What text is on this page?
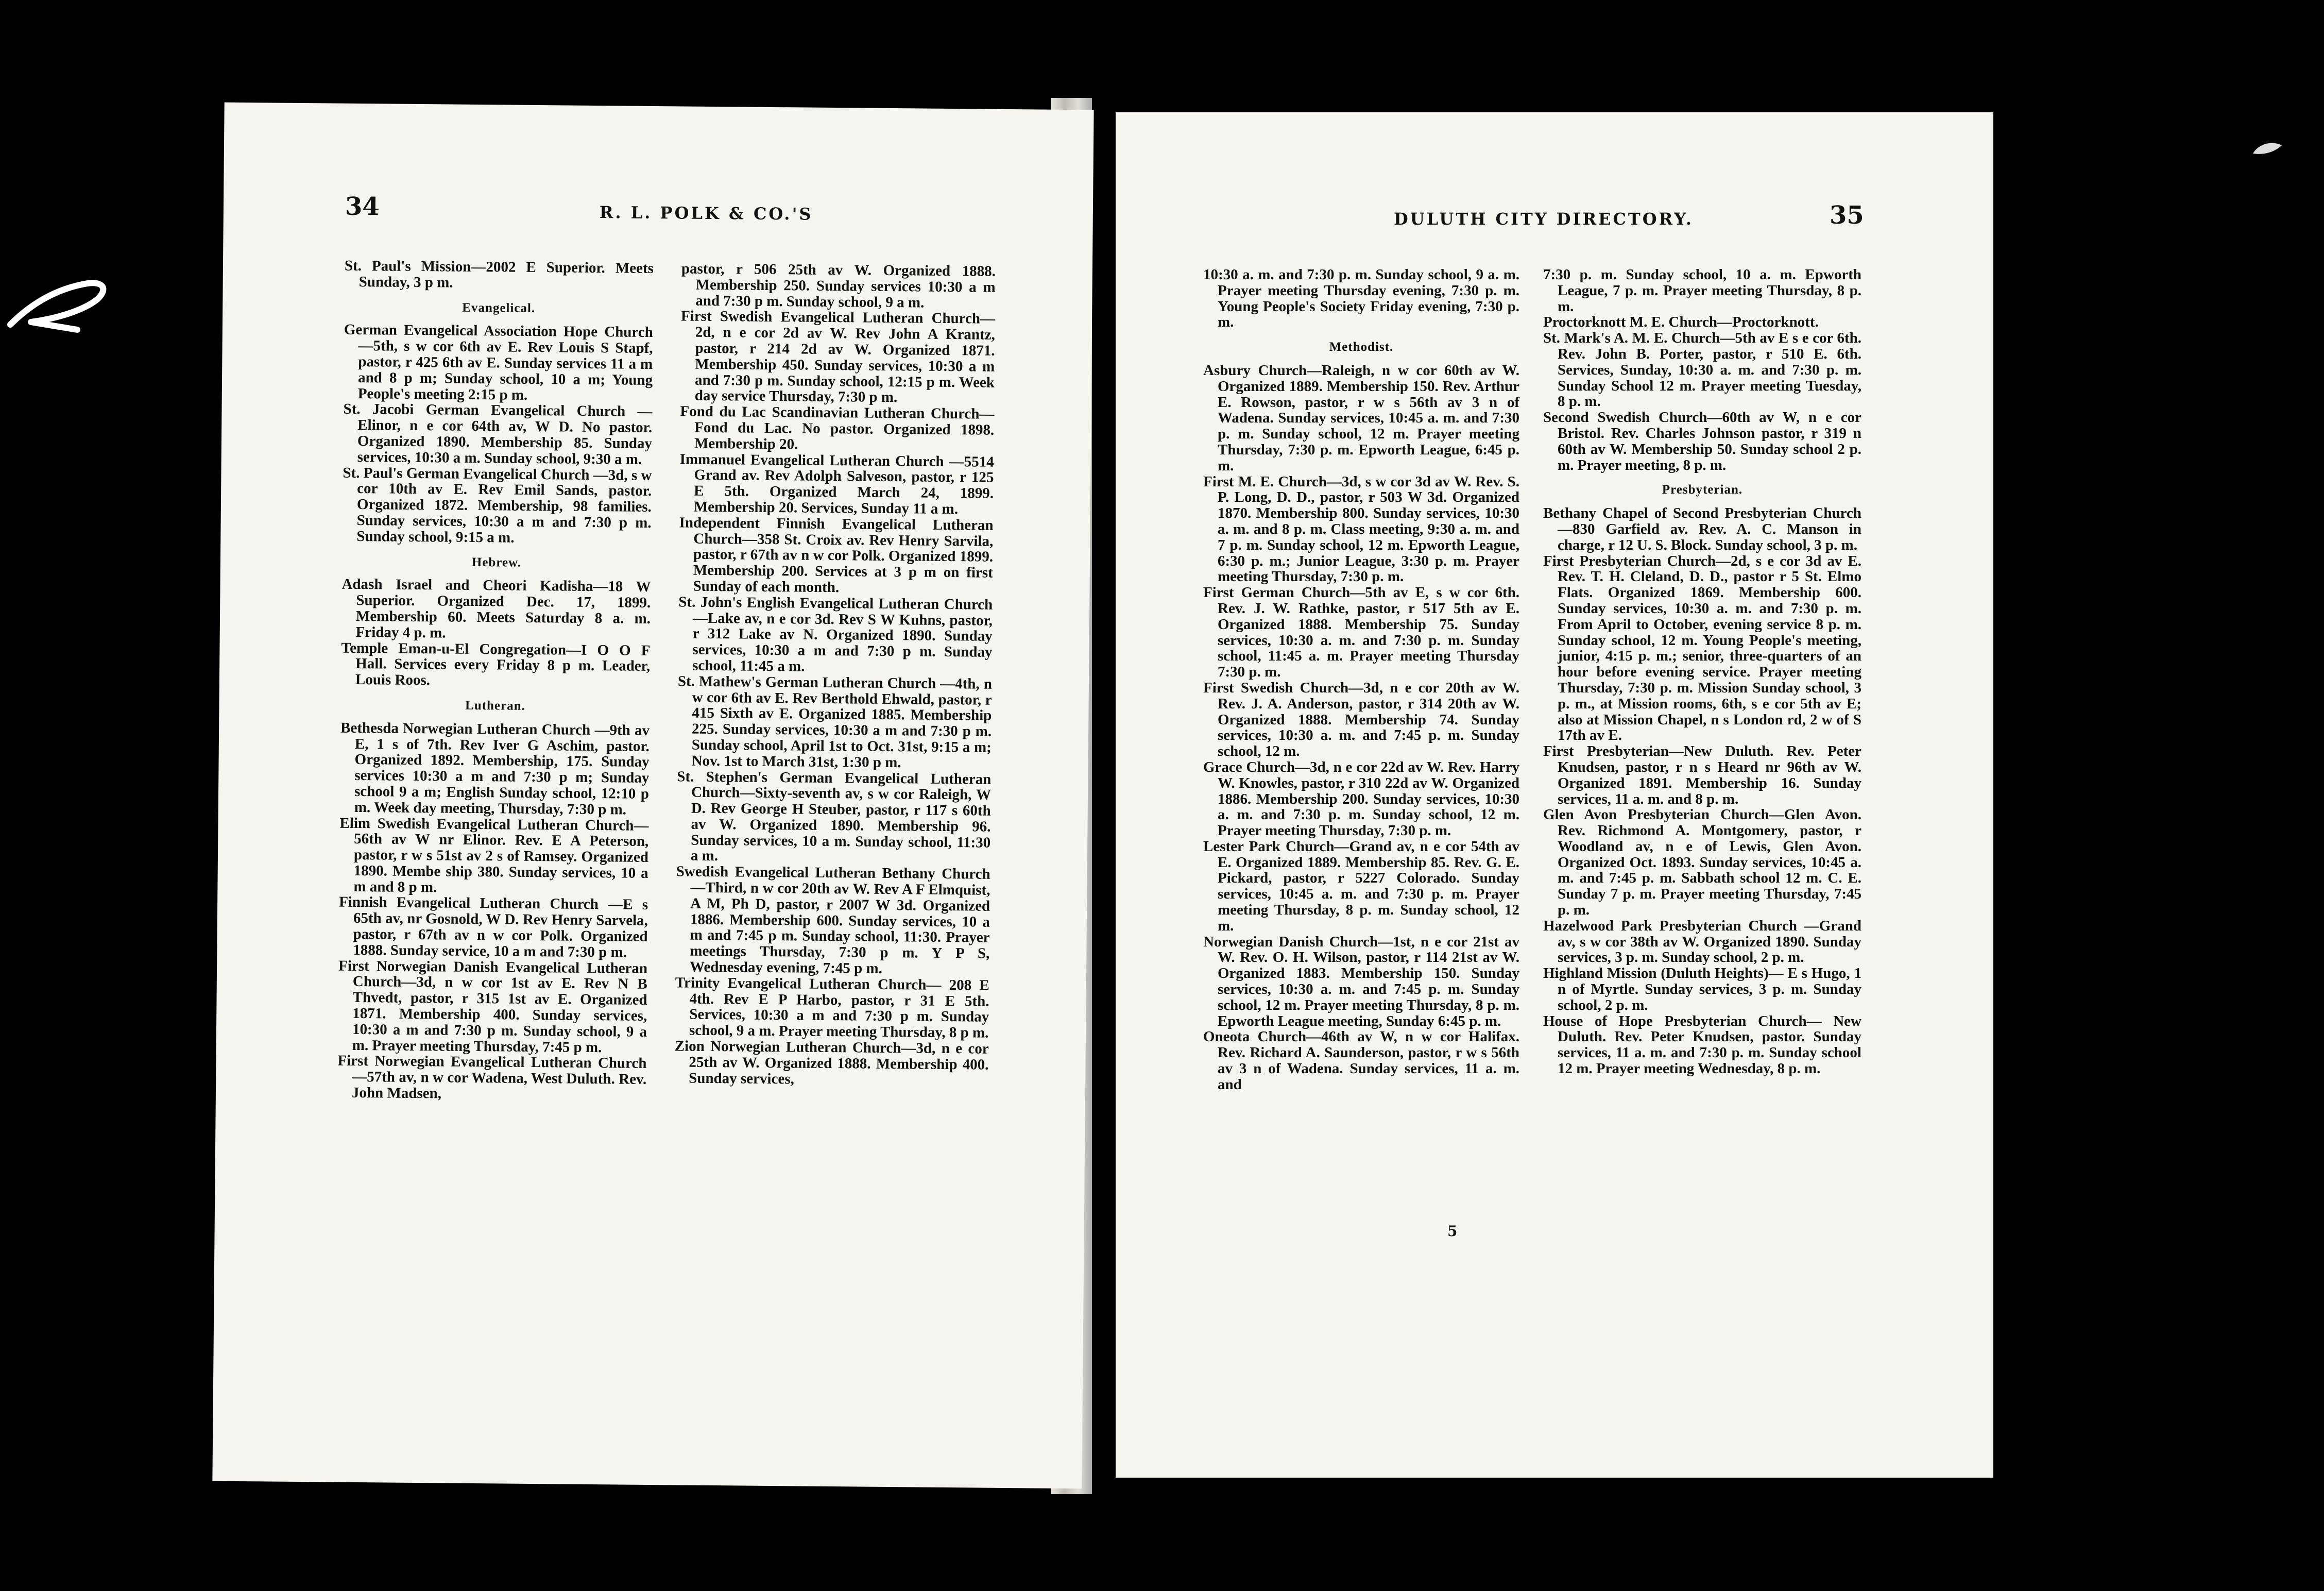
34	R. L. POLK & CO.'S

St. Paul's Mission—2002 E Superior. Meets Sunday, 3 p m.

Evangelical.

German Evangelical Association Hope Church—5th, s w cor 6th av E. Rev Louis S Stapf, pastor, r 425 6th av E. Sunday services 11 a m and 8 p m; Sunday school, 10 a m; Young People's meeting 2:15 p m.

St. Jacobi German Evangelical Church —Elinor, n e cor 64th av, W D. No pastor. Organized 1890. Membership 85. Sunday services, 10:30 a m. Sunday school, 9:30 a m.

St. Paul's German Evangelical Church —3d, s w cor 10th av E. Rev Emil Sands, pastor. Organized 1872. Membership, 98 families. Sunday services, 10:30 a m and 7:30 p m. Sunday school, 9:15 a m.

Hebrew.

Adash Israel and Cheori Kadisha—18 W Superior. Organized Dec. 17, 1899. Membership 60. Meets Saturday 8 a. m. Friday 4 p. m.

Temple Eman-u-El Congregation—I O O F Hall. Services every Friday 8 p m. Leader, Louis Roos.

Lutheran.

Bethesda Norwegian Lutheran Church —9th av E, 1 s of 7th. Rev Iver G Aschim, pastor. Organized 1892. Membership, 175. Sunday services 10:30 a m and 7:30 p m; Sunday school 9 a m; English Sunday school, 12:10 p m. Week day meeting, Thursday, 7:30 p m.

Elim Swedish Evangelical Lutheran Church—56th av W nr Elinor. Rev. E A Peterson, pastor, r w s 51st av 2 s of Ramsey. Organized 1890. Membe ship 380. Sunday services, 10 a m and 8 p m.

Finnish Evangelical Lutheran Church —E s 65th av, nr Gosnold, W D. Rev Henry Sarvela, pastor, r 67th av n w cor Polk. Organized 1888. Sunday service, 10 a m and 7:30 p m.

First Norwegian Danish Evangelical Lutheran Church—3d, n w cor 1st av E. Rev N B Thvedt, pastor, r 315 1st av E. Organized 1871. Membership 400. Sunday services, 10:30 a m and 7:30 p m. Sunday school, 9 a m. Prayer meeting Thursday, 7:45 p m.

First Norwegian Evangelical Lutheran Church—57th av, n w cor Wadena, West Duluth. Rev. John Madsen,

pastor, r 506 25th av W. Organized 1888. Membership 250. Sunday services 10:30 a m and 7:30 p m. Sunday school, 9 a m.

First Swedish Evangelical Lutheran Church—2d, n e cor 2d av W. Rev John A Krantz, pastor, r 214 2d av W. Organized 1871. Membership 450. Sunday services, 10:30 a m and 7:30 p m. Sunday school, 12:15 p m. Week day service Thursday, 7:30 p m.

Fond du Lac Scandinavian Lutheran Church—Fond du Lac. No pastor. Organized 1898. Membership 20.

Immanuel Evangelical Lutheran Church —5514 Grand av. Rev Adolph Salveson, pastor, r 125 E 5th. Organized March 24, 1899. Membership 20. Services, Sunday 11 a m.

Independent Finnish Evangelical Lutheran Church—358 St. Croix av. Rev Henry Sarvila, pastor, r 67th av n w cor Polk. Organized 1899. Membership 200. Services at 3 p m on first Sunday of each month.

St. John's English Evangelical Lutheran Church—Lake av, n e cor 3d. Rev S W Kuhns, pastor, r 312 Lake av N. Organized 1890. Sunday services, 10:30 a m and 7:30 p m. Sunday school, 11:45 a m.

St. Mathew's German Lutheran Church —4th, n w cor 6th av E. Rev Berthold Ehwald, pastor, r 415 Sixth av E. Organized 1885. Membership 225. Sunday services, 10:30 a m and 7:30 p m. Sunday school, April 1st to Oct. 31st, 9:15 a m; Nov. 1st to March 31st, 1:30 p m.

St. Stephen's German Evangelical Lutheran Church—Sixty-seventh av, s w cor Raleigh, W D. Rev George H Steuber, pastor, r 117 s 60th av W. Organized 1890. Membership 96. Sunday services, 10 a m. Sunday school, 11:30 a m.

Swedish Evangelical Lutheran Bethany Church—Third, n w cor 20th av W. Rev A F Elmquist, A M, Ph D, pastor, r 2007 W 3d. Organized 1886. Membership 600. Sunday services, 10 a m and 7:45 p m. Sunday school, 11:30. Prayer meetings Thursday, 7:30 p m. Y P S, Wednesday evening, 7:45 p m.

Trinity Evangelical Lutheran Church— 208 E 4th. Rev E P Harbo, pastor, r 31 E 5th. Services, 10:30 a m and 7:30 p m. Sunday school, 9 a m. Prayer meeting Thursday, 8 p m.

Zion Norwegian Lutheran Church—3d, n e cor 25th av W. Organized 1888. Membership 400. Sunday services,

DULUTH CITY DIRECTORY.	35

10:30 a. m. and 7:30 p. m. Sunday school, 9 a. m. Prayer meeting Thursday evening, 7:30 p. m. Young People's Society Friday evening, 7:30 p. m.

Methodist.

Asbury Church—Raleigh, n w cor 60th av W. Organized 1889. Membership 150. Rev. Arthur E. Rowson, pastor, r w s 56th av 3 n of Wadena. Sunday services, 10:45 a. m. and 7:30 p. m. Sunday school, 12 m. Prayer meeting Thursday, 7:30 p. m. Epworth League, 6:45 p. m.

First M. E. Church—3d, s w cor 3d av W. Rev. S. P. Long, D. D., pastor, r 503 W 3d. Organized 1870. Membership 800. Sunday services, 10:30 a. m. and 8 p. m. Class meeting, 9:30 a. m. and 7 p. m. Sunday school, 12 m. Epworth League, 6:30 p. m.; Junior League, 3:30 p. m. Prayer meeting Thursday, 7:30 p. m.

First German Church—5th av E, s w cor 6th. Rev. J. W. Rathke, pastor, r 517 5th av E. Organized 1888. Membership 75. Sunday services, 10:30 a. m. and 7:30 p. m. Sunday school, 11:45 a. m. Prayer meeting Thursday 7:30 p. m.

First Swedish Church—3d, n e cor 20th av W. Rev. J. A. Anderson, pastor, r 314 20th av W. Organized 1888. Membership 74. Sunday services, 10:30 a. m. and 7:45 p. m. Sunday school, 12 m.

Grace Church—3d, n e cor 22d av W. Rev. Harry W. Knowles, pastor, r 310 22d av W. Organized 1886. Membership 200. Sunday services, 10:30 a. m. and 7:30 p. m. Sunday school, 12 m. Prayer meeting Thursday, 7:30 p. m.

Lester Park Church—Grand av, n e cor 54th av E. Organized 1889. Membership 85. Rev. G. E. Pickard, pastor, r 5227 Colorado. Sunday services, 10:45 a. m. and 7:30 p. m. Prayer meeting Thursday, 8 p. m. Sunday school, 12 m.

Norwegian Danish Church—1st, n e cor 21st av W. Rev. O. H. Wilson, pastor, r 114 21st av W. Organized 1883. Membership 150. Sunday services, 10:30 a. m. and 7:45 p. m. Sunday school, 12 m. Prayer meeting Thursday, 8 p. m. Epworth League meeting, Sunday 6:45 p. m.

Oneota Church—46th av W, n w cor Halifax. Rev. Richard A. Saunderson, pastor, r w s 56th av 3 n of Wadena. Sunday services, 11 a. m. and

7:30 p. m. Sunday school, 10 a. m. Epworth League, 7 p. m. Prayer meeting Thursday, 8 p. m.

Proctorknott M. E. Church—Proctorknott.

St. Mark's A. M. E. Church—5th av E s e cor 6th. Rev. John B. Porter, pastor, r 510 E. 6th. Services, Sunday, 10:30 a. m. and 7:30 p. m. Sunday School 12 m. Prayer meeting Tuesday, 8 p. m.

Second Swedish Church—60th av W, n e cor Bristol. Rev. Charles Johnson pastor, r 319 n 60th av W. Membership 50. Sunday school 2 p. m. Prayer meeting, 8 p. m.

Presbyterian.

Bethany Chapel of Second Presbyterian Church—830 Garfield av. Rev. A. C. Manson in charge, r 12 U. S. Block. Sunday school, 3 p. m.

First Presbyterian Church—2d, s e cor 3d av E. Rev. T. H. Cleland, D. D., pastor r 5 St. Elmo Flats. Organized 1869. Membership 600. Sunday services, 10:30 a. m. and 7:30 p. m. From April to October, evening service 8 p. m. Sunday school, 12 m. Young People's meeting, junior, 4:15 p. m.; senior, three-quarters of an hour before evening service. Prayer meeting Thursday, 7:30 p. m. Mission Sunday school, 3 p. m., at Mission rooms, 6th, s e cor 5th av E; also at Mission Chapel, n s London rd, 2 w of S 17th av E.

First Presbyterian—New Duluth. Rev. Peter Knudsen, pastor, r n s Heard nr 96th av W. Organized 1891. Membership 16. Sunday services, 11 a. m. and 8 p. m.

Glen Avon Presbyterian Church—Glen Avon. Rev. Richmond A. Montgomery, pastor, r Woodland av, n e of Lewis, Glen Avon. Organized Oct. 1893. Sunday services, 10:45 a. m. and 7:45 p. m. Sabbath school 12 m. C. E. Sunday 7 p. m. Prayer meeting Thursday, 7:45 p. m.

Hazelwood Park Presbyterian Church —Grand av, s w cor 38th av W. Organized 1890. Sunday services, 3 p. m. Sunday school, 2 p. m.

Highland Mission (Duluth Heights)— E s Hugo, 1 n of Myrtle. Sunday services, 3 p. m. Sunday school, 2 p. m.

House of Hope Presbyterian Church— New Duluth. Rev. Peter Knudsen, pastor. Sunday services, 11 a. m. and 7:30 p. m. Sunday school 12 m. Prayer meeting Wednesday, 8 p. m.

5
